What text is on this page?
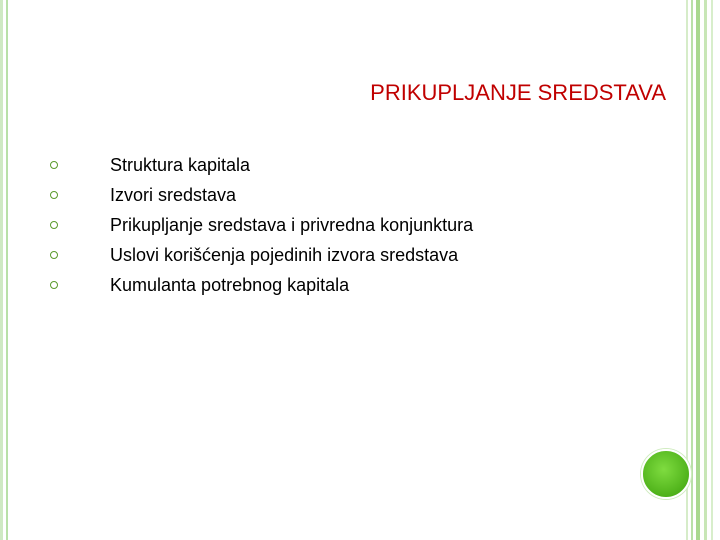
PRIKUPLJANJE SREDSTAVA
Struktura kapitala
Izvori sredstava
Prikupljanje sredstava i privredna konjunktura
Uslovi korišćenja pojedinih izvora sredstava
Kumulanta potrebnog kapitala
